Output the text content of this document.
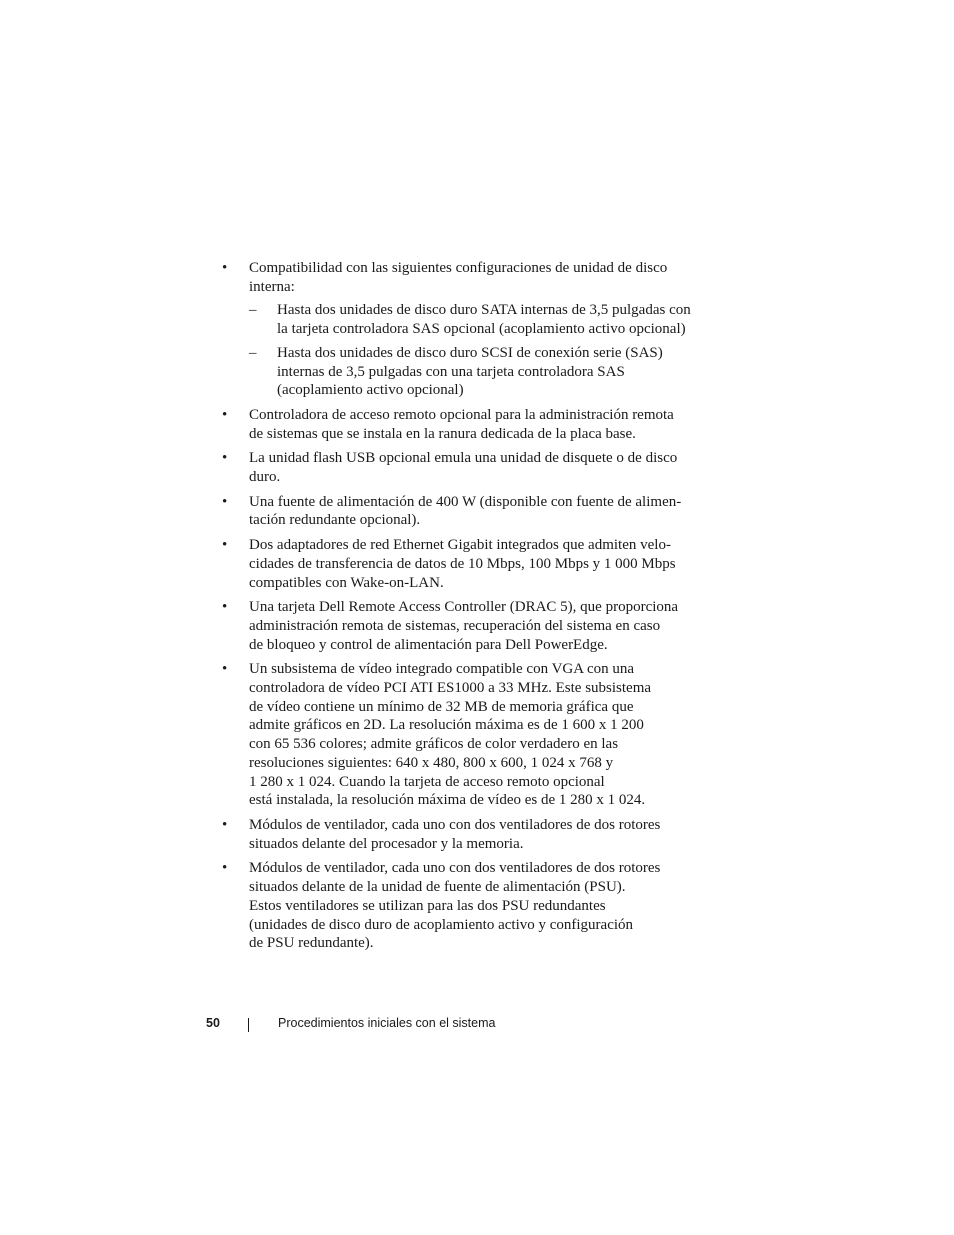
• Compatibilidad con las siguientes configuraciones de unidad de disco
interna:
– Hasta dos unidades de disco duro SATA internas de 3,5 pulgadas con
la tarjeta controladora SAS opcional (acoplamiento activo opcional)
– Hasta dos unidades de disco duro SCSI de conexión serie (SAS)
internas de 3,5 pulgadas con una tarjeta controladora SAS
(acoplamiento activo opcional)
• Controladora de acceso remoto opcional para la administración remota
de sistemas que se instala en la ranura dedicada de la placa base.
• La unidad flash USB opcional emula una unidad de disquete o de disco
duro.
• Una fuente de alimentación de 400 W (disponible con fuente de alimen-
tación redundante opcional).
• Dos adaptadores de red Ethernet Gigabit integrados que admiten velo-
cidades de transferencia de datos de 10 Mbps, 100 Mbps y 1 000 Mbps
compatibles con Wake-on-LAN.
• Una tarjeta Dell Remote Access Controller (DRAC 5), que proporciona
administración remota de sistemas, recuperación del sistema en caso
de bloqueo y control de alimentación para Dell PowerEdge.
• Un subsistema de vídeo integrado compatible con VGA con una
controladora de vídeo PCI ATI ES1000 a 33 MHz. Este subsistema
de vídeo contiene un mínimo de 32 MB de memoria gráfica que
admite gráficos en 2D. La resolución máxima es de 1 600 x 1 200
con 65 536 colores; admite gráficos de color verdadero en las
resoluciones siguientes: 640 x 480, 800 x 600, 1 024 x 768 y
1 280 x 1 024. Cuando la tarjeta de acceso remoto opcional
está instalada, la resolución máxima de vídeo es de 1 280 x 1 024.
• Módulos de ventilador, cada uno con dos ventiladores de dos rotores
situados delante del procesador y la memoria.
• Módulos de ventilador, cada uno con dos ventiladores de dos rotores
situados delante de la unidad de fuente de alimentación (PSU).
Estos ventiladores se utilizan para las dos PSU redundantes
(unidades de disco duro de acoplamiento activo y configuración
de PSU redundante).
50	Procedimientos iniciales con el sistema
